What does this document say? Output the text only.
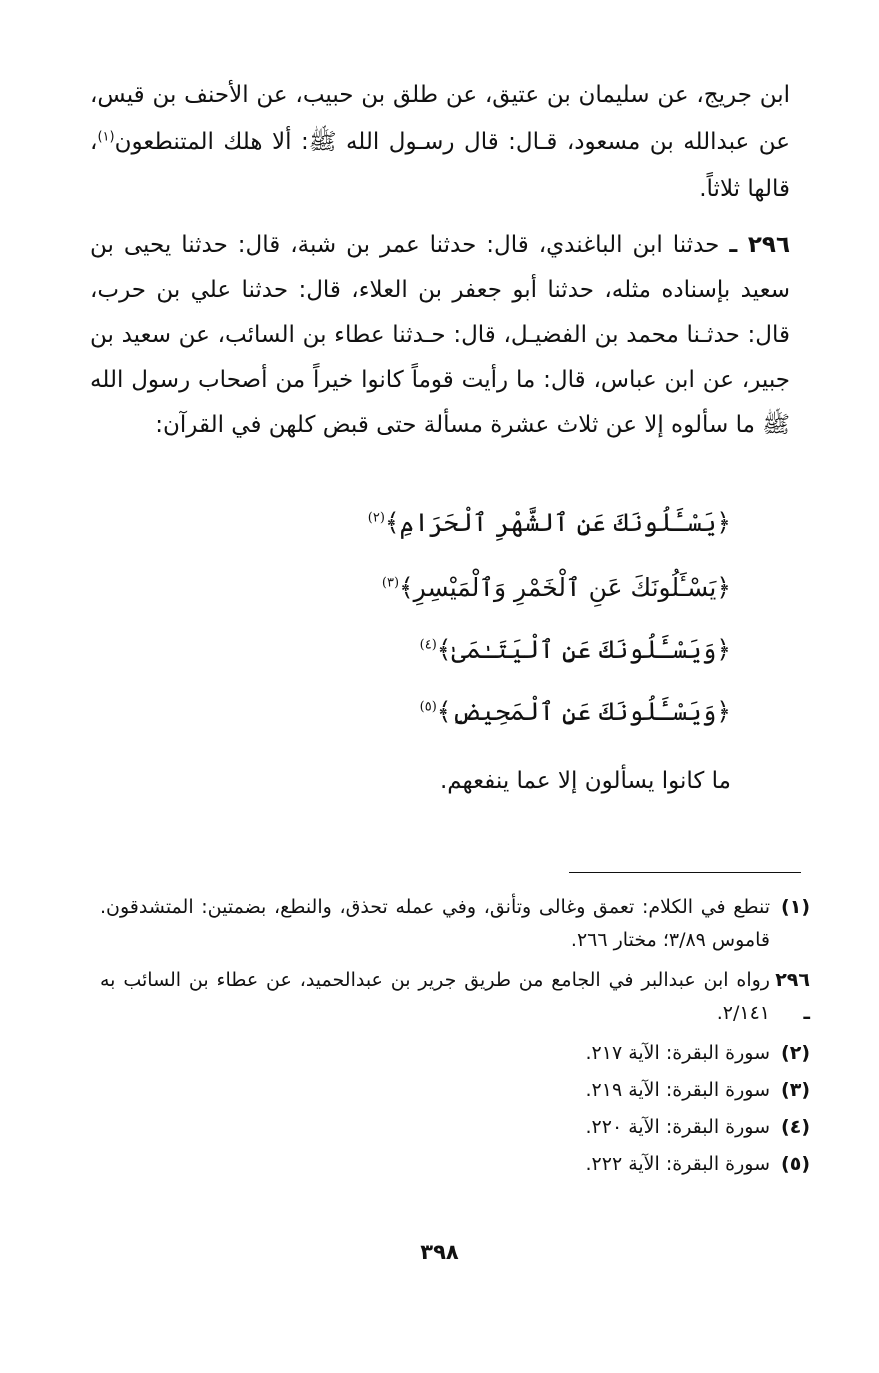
ابن جريج، عن سليمان بن عتيق، عن طلق بن حبيب، عن الأحنف بن قيس، عن عبدالله بن مسعود، قـال: قال رسـول الله ﷺ: ألا هلك المتنطعون$^{(١)}$، قالها ثلاثاً.
٢٩٦ ـ حدثنا ابن الباغندي، قال: حدثنا عمر بن شبة، قال: حدثنا يحيى بن سعيد بإسناده مثله، حدثنا أبو جعفر بن العلاء، قال: حدثنا علي بن حرب، قال: حدثـنا محمد بن الفضيـل، قال: حـدثنا عطاء بن السائب، عن سعيد بن جبير، عن ابن عباس، قال: ما رأيت قوماً كانوا خيراً من أصحاب رسول الله ﷺ ما سألوه إلا عن ثلاث عشرة مسألة حتى قبض كلهن في القرآن:
﴿يَسْـَٔلُونَكَ عَنِ ٱلشَّهْرِ ٱلْحَرَامِ﴾$^{(٢)}$
﴿يَسْـَٔلُونَكَ عَنِ ٱلْخَمْرِ وَٱلْمَيْسِرِ﴾$^{(٣)}$
﴿وَيَسْـَٔلُونَكَ عَنِ ٱلْيَتَـٰمَىٰ﴾$^{(٤)}$
﴿وَيَسْـَٔلُونَكَ عَنِ ٱلْمَحِيضِ﴾$^{(٥)}$
ما كانوا يسألون إلا عما ينفعهم.
(١)
تنطع في الكلام: تعمق وغالى وتأنق، وفي عمله تحذق، والنطع، بضمتين: المتشدقون. قاموس ٣/٨٩؛ مختار ٢٦٦.
٢٩٦ ـ
رواه ابن عبدالبر في الجامع من طريق جرير بن عبدالحميد، عن عطاء بن السائب به ٢/١٤١.
(٢)
سورة البقرة: الآية ٢١٧.
(٣)
سورة البقرة: الآية ٢١٩.
(٤)
سورة البقرة: الآية ٢٢٠.
(٥)
سورة البقرة: الآية ٢٢٢.
٣٩٨
